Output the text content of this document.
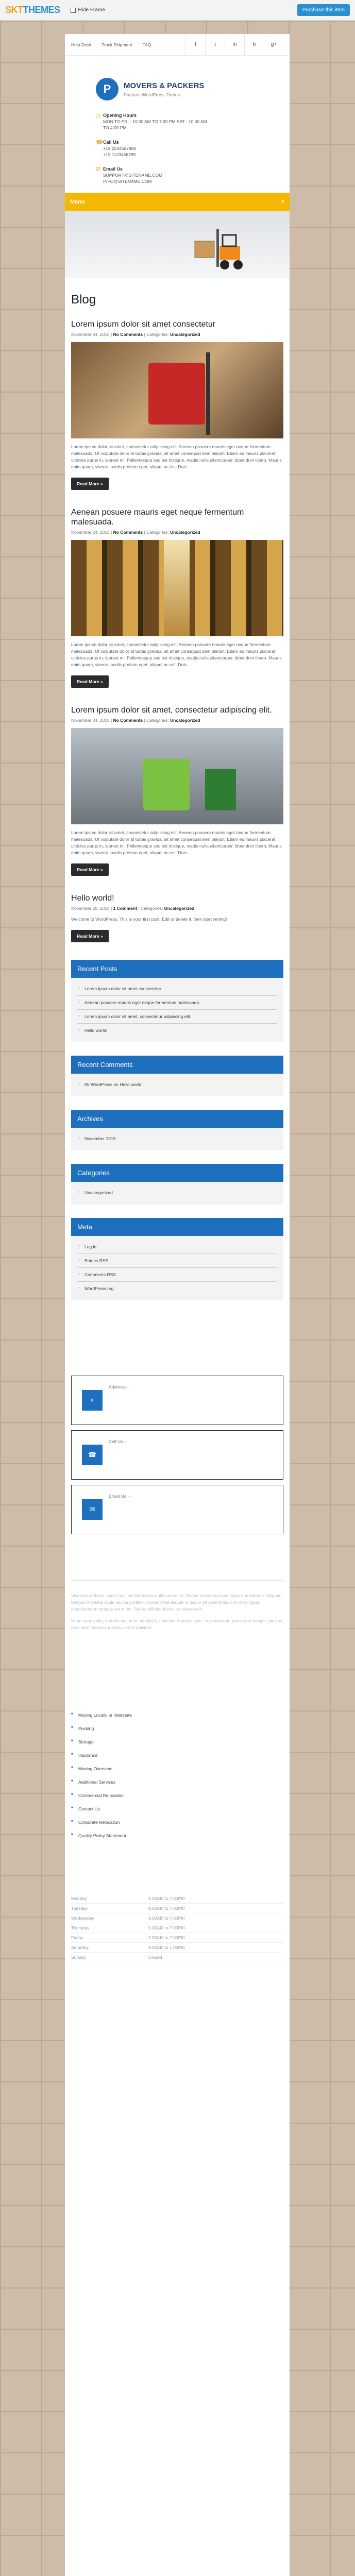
SKTTHEMES	Hide Frame	Purchase this item
Help Desk Track Shipment FAQ	f	t	in	b	g+
P	MOVERS & PACKERS
Packers WordPress Theme
◷ Opening Hours
MON TO FRI : 10:00 AM TO 7:00 PM SAT : 10.00 AM
TO 4:00 PM
☎ Call Us
+19 2234567890
+19 1123456789
✉ Email Us
SUPPORT@SITENAME.COM
INFO@SITENAME.COM
Menu	≡
Blog
Lorem ipsum dolor sit amet consectetur
November 24, 2015 | No Comments | Categories: Uncategorized

Lorem ipsum dolor sit amet, consectetur adipiscing elit. Aenean posuere mauris eget neque fermentum malesuada. Ut vulputate dolor at turpis gravida, sit amet consequat sem blandit. Etiam eu mauris placerat, ultricies purus in, laoreet mi. Pellentesque sed est tristique, mattis nulla ullamcorper, bibendum libero. Mauris enim quam, viverra iaculis pretium eget, aliquet ac est. Duis…

Read More »
Aenean posuere mauris eget neque fermentum malesuada.
November 24, 2015 | No Comments | Categories: Uncategorized

Lorem ipsum dolor sit amet, consectetur adipiscing elit. Aenean posuere mauris eget neque fermentum malesuada. Ut vulputate dolor at turpis gravida, sit amet consequat sem blandit. Etiam eu mauris placerat, ultricies purus in, laoreet mi. Pellentesque sed est tristique, mattis nulla ullamcorper, bibendum libero. Mauris enim quam, viverra iaculis pretium eget, aliquet ac est. Duis…

Read More »
Lorem ipsum dolor sit amet, consectetur adipiscing elit.
November 24, 2015 | No Comments | Categories: Uncategorized

Lorem ipsum dolor sit amet, consectetur adipiscing elit. Aenean posuere mauris eget neque fermentum malesuada. Ut vulputate dolor at turpis gravida, sit amet consequat sem blandit. Etiam eu mauris placerat, ultricies purus in, laoreet mi. Pellentesque sed est tristique, mattis nulla ullamcorper, bibendum libero. Mauris enim quam, viverra iaculis pretium eget, aliquet ac est. Duis…

Read More »
Hello world!
November 20, 2015 | 1 Comment | Categories: Uncategorized

Welcome to WordPress. This is your first post. Edit or delete it, then start writing!

Read More »
Recent Posts
› Lorem ipsum dolor sit amet consectetur
› Aenean posuere mauris eget neque fermentum malesuada.
› Lorem ipsum dolor sit amet, consectetur adipiscing elit.
› Hello world!
Recent Comments
› Mr WordPress on Hello world!
Archives
› November 2015
Categories
› Uncategorized
Meta
› Log in
› Entries RSS
› Comments RSS
› WordPress.org
⌖
Address :-
☎
Call Us :-
✉
Email Us :-

Vivamus sodales ipsum orci, vel bibendum nulla cursus et. Donec auctor egestas ligula non lobortis. Aliquam tempus molestie ligula lacinia porttitor. Donec vitae aliquet ut ipsum sit amet finibus. In eros ligula, condimentum tempus vel in leo. Sed ut efficitur lectus, ut viverra elit.

Nunc nunc enim, lobortis nec nunc hendrerit, molestie rhoncus sem. In consequat, purus non tempor ultricies, eros sem faucibus massa, sed id pulvinar.

■ Moving Locally or Interstate
■ Packing
■ Storage
■ Insurance
■ Moving Overseas
■ Additional Services
■ Commercial Relocation
■ Contact Us
■ Corporate Relocation
■ Quality Policy Statement
Monday	9.00AM to 7.00PM
Tuesday	9.00AM to 7.00PM
Wednesday	9.00AM to 7.00PM
Thursday	9.00AM to 7.00PM
Friday	9.00AM to 7.00PM
Saturday	9.00AM to 1.00PM
Sunday	Closed
